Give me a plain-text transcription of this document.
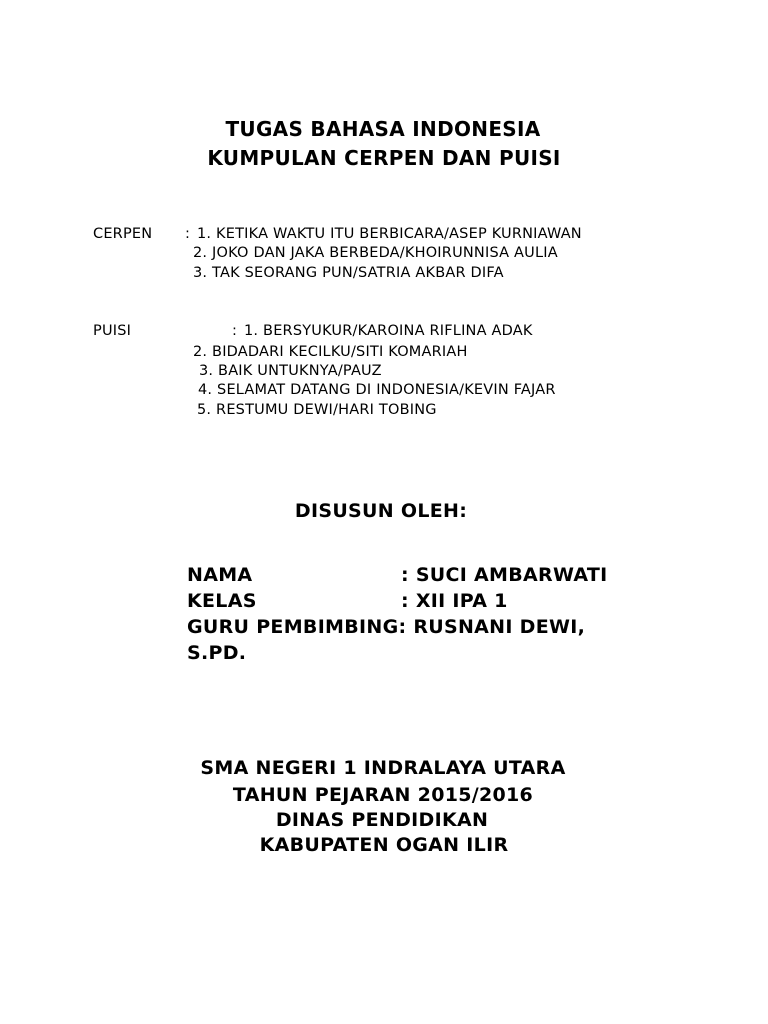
TUGAS BAHASA INDONESIA
KUMPULAN CERPEN DAN PUISI
CERPEN : 1. KETIKA WAKTU ITU BERBICARA/ASEP KURNIAWAN
2. JOKO DAN JAKA BERBEDA/KHOIRUNNISA AULIA
3. TAK SEORANG PUN/SATRIA AKBAR DIFA
PUISI	: 1. BERSYUKUR/KAROINA RIFLINA ADAK
2. BIDADARI KECILKU/SITI KOMARIAH
3. BAIK UNTUKNYA/PAUZ
4. SELAMAT DATANG DI INDONESIA/KEVIN FAJAR
5. RESTUMU DEWI/HARI TOBING
DISUSUN OLEH:
NAMA	: SUCI AMBARWATI
KELAS	: XII IPA 1
GURU PEMBIMBING: RUSNANI DEWI,
S.PD.
SMA NEGERI 1 INDRALAYA UTARA
TAHUN PEJARAN 2015/2016
DINAS PENDIDIKAN
KABUPATEN OGAN ILIR
